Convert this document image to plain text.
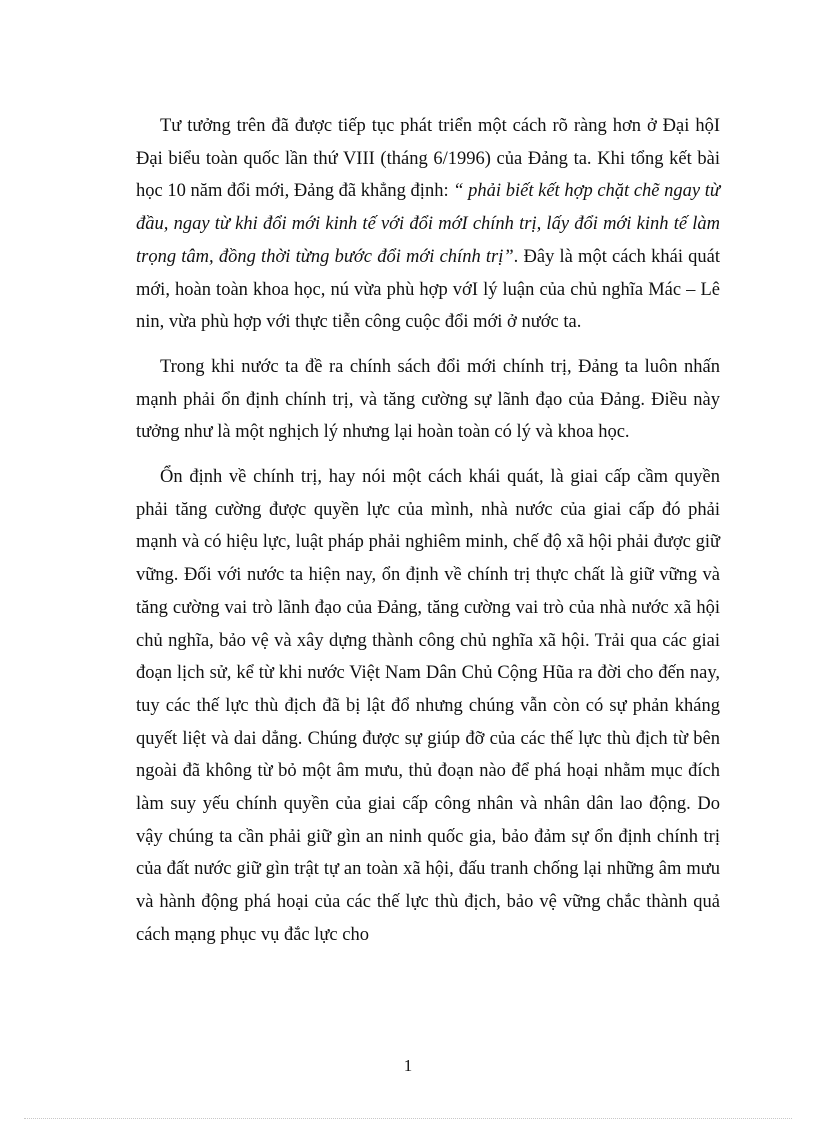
Tư tưởng trên đã được tiếp tục phát triển một cách rõ ràng hơn ở Đại hộI Đại biểu toàn quốc lần thứ VIII (tháng 6/1996) của Đảng ta. Khi tổng kết bài học 10 năm đổi mới, Đảng đã khẳng định: “ phải biết kết hợp chặt chẽ ngay từ đầu, ngay từ khi đổi mới kinh tế với đổi mớI chính trị, lấy đổi mới kinh tế làm trọng tâm, đồng thời từng bước đổi mới chính trị”. Đây là một cách khái quát mới, hoàn toàn khoa học, nú vừa phù hợp vớI lý luận của chủ nghĩa Mác – Lê nin, vừa phù hợp với thực tiễn công cuộc đổi mới ở nước ta.

Trong khi nước ta đề ra chính sách đổi mới chính trị, Đảng ta luôn nhấn mạnh phải ổn định chính trị, và tăng cường sự lãnh đạo của Đảng. Điều này tưởng như là một nghịch lý nhưng lại hoàn toàn có lý và khoa học.

Ổn định về chính trị, hay nói một cách khái quát, là giai cấp cầm quyền phải tăng cường được quyền lực của mình, nhà nước của giai cấp đó phải mạnh và có hiệu lực, luật pháp phải nghiêm minh, chế độ xã hội phải được giữ vững. Đối với nước ta hiện nay, ổn định về chính trị thực chất là giữ vững và tăng cường vai trò lãnh đạo của Đảng, tăng cường vai trò của nhà nước xã hội chủ nghĩa, bảo vệ và xây dựng thành công chủ nghĩa xã hội. Trải qua các giai đoạn lịch sử, kể từ khi nước Việt Nam Dân Chủ Cộng Hũa ra đời cho đến nay, tuy các thế lực thù địch đã bị lật đổ nhưng chúng vẫn còn có sự phản kháng quyết liệt và dai dẳng. Chúng được sự giúp đỡ của các thế lực thù địch từ bên ngoài đã không từ bỏ một âm mưu, thủ đoạn nào để phá hoại nhằm mục đích làm suy yếu chính quyền của giai cấp công nhân và nhân dân lao động. Do vậy chúng ta cần phải giữ gìn an ninh quốc gia, bảo đảm sự ổn định chính trị của đất nước giữ gìn trật tự an toàn xã hội, đấu tranh chống lại những âm mưu và hành động phá hoại của các thế lực thù địch, bảo vệ vững chắc thành quả cách mạng phục vụ đắc lực cho

1
